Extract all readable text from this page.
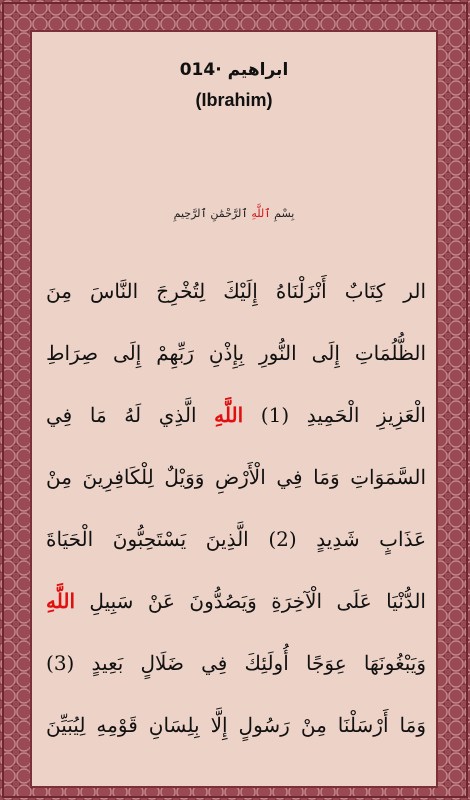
ابراهيم ·014
(Ibrahim)
بِسْمِ ٱللَّهِ ٱلرَّحْمَٰنِ ٱلرَّحِيمِ
الر كِتَابٌ أَنْزَلْنَاهُ إِلَيْكَ لِتُخْرِجَ النَّاسَ مِنَ
الظُّلُمَاتِ إِلَى النُّورِ بِإِذْنِ رَبِّهِمْ إِلَى صِرَاطِ
الْعَزِيزِ الْحَمِيدِ (1) اللَّهِ الَّذِي لَهُ مَا فِي
السَّمَوَاتِ وَمَا فِي الْأَرْضِ وَوَيْلٌ لِلْكَافِرِينَ مِنْ
عَذَابٍ شَدِيدٍ (2) الَّذِينَ يَسْتَحِبُّونَ الْحَيَاةَ
الدُّنْيَا عَلَى الْآخِرَةِ وَيَصُدُّونَ عَنْ سَبِيلِ اللَّهِ
وَيَبْغُونَهَا عِوَجًا أُولَئِكَ فِي ضَلَالٍ بَعِيدٍ (3)
وَمَا أَرْسَلْنَا مِنْ رَسُولٍ إِلَّا بِلِسَانِ قَوْمِهِ لِيُبَيِّنَ
